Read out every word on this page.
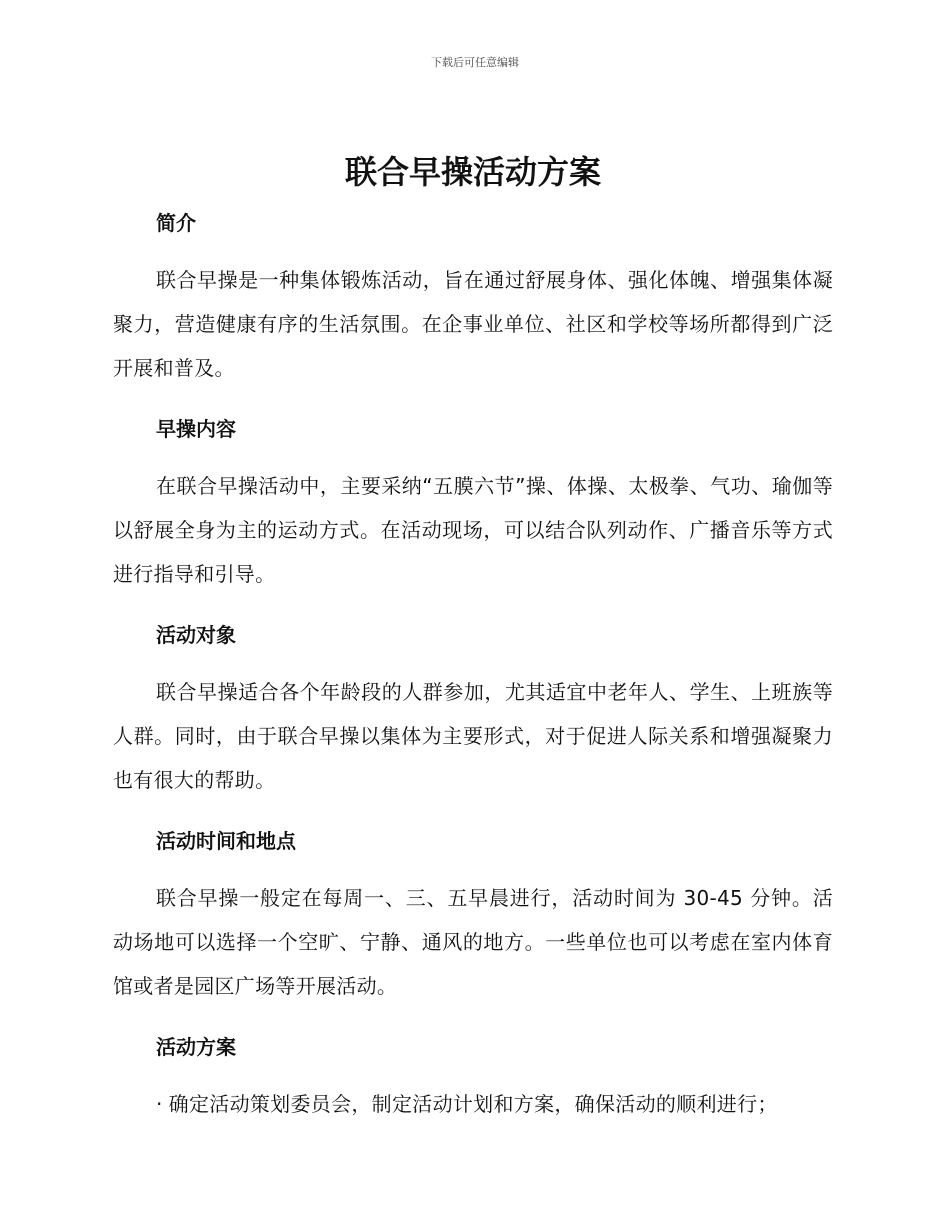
下载后可任意编辑
联合早操活动方案
简介

联合早操是一种集体锻炼活动，旨在通过舒展身体、强化体魄、增强集体凝聚力，营造健康有序的生活氛围。在企事业单位、社区和学校等场所都得到广泛开展和普及。

早操内容

在联合早操活动中，主要采纳“五膜六节”操、体操、太极拳、气功、瑜伽等以舒展全身为主的运动方式。在活动现场，可以结合队列动作、广播音乐等方式进行指导和引导。

活动对象

联合早操适合各个年龄段的人群参加，尤其适宜中老年人、学生、上班族等人群。同时，由于联合早操以集体为主要形式，对于促进人际关系和增强凝聚力也有很大的帮助。

活动时间和地点

联合早操一般定在每周一、三、五早晨进行，活动时间为 30-45 分钟。活动场地可以选择一个空旷、宁静、通风的地方。一些单位也可以考虑在室内体育馆或者是园区广场等开展活动。

活动方案

· 确定活动策划委员会，制定活动计划和方案，确保活动的顺利进行；
